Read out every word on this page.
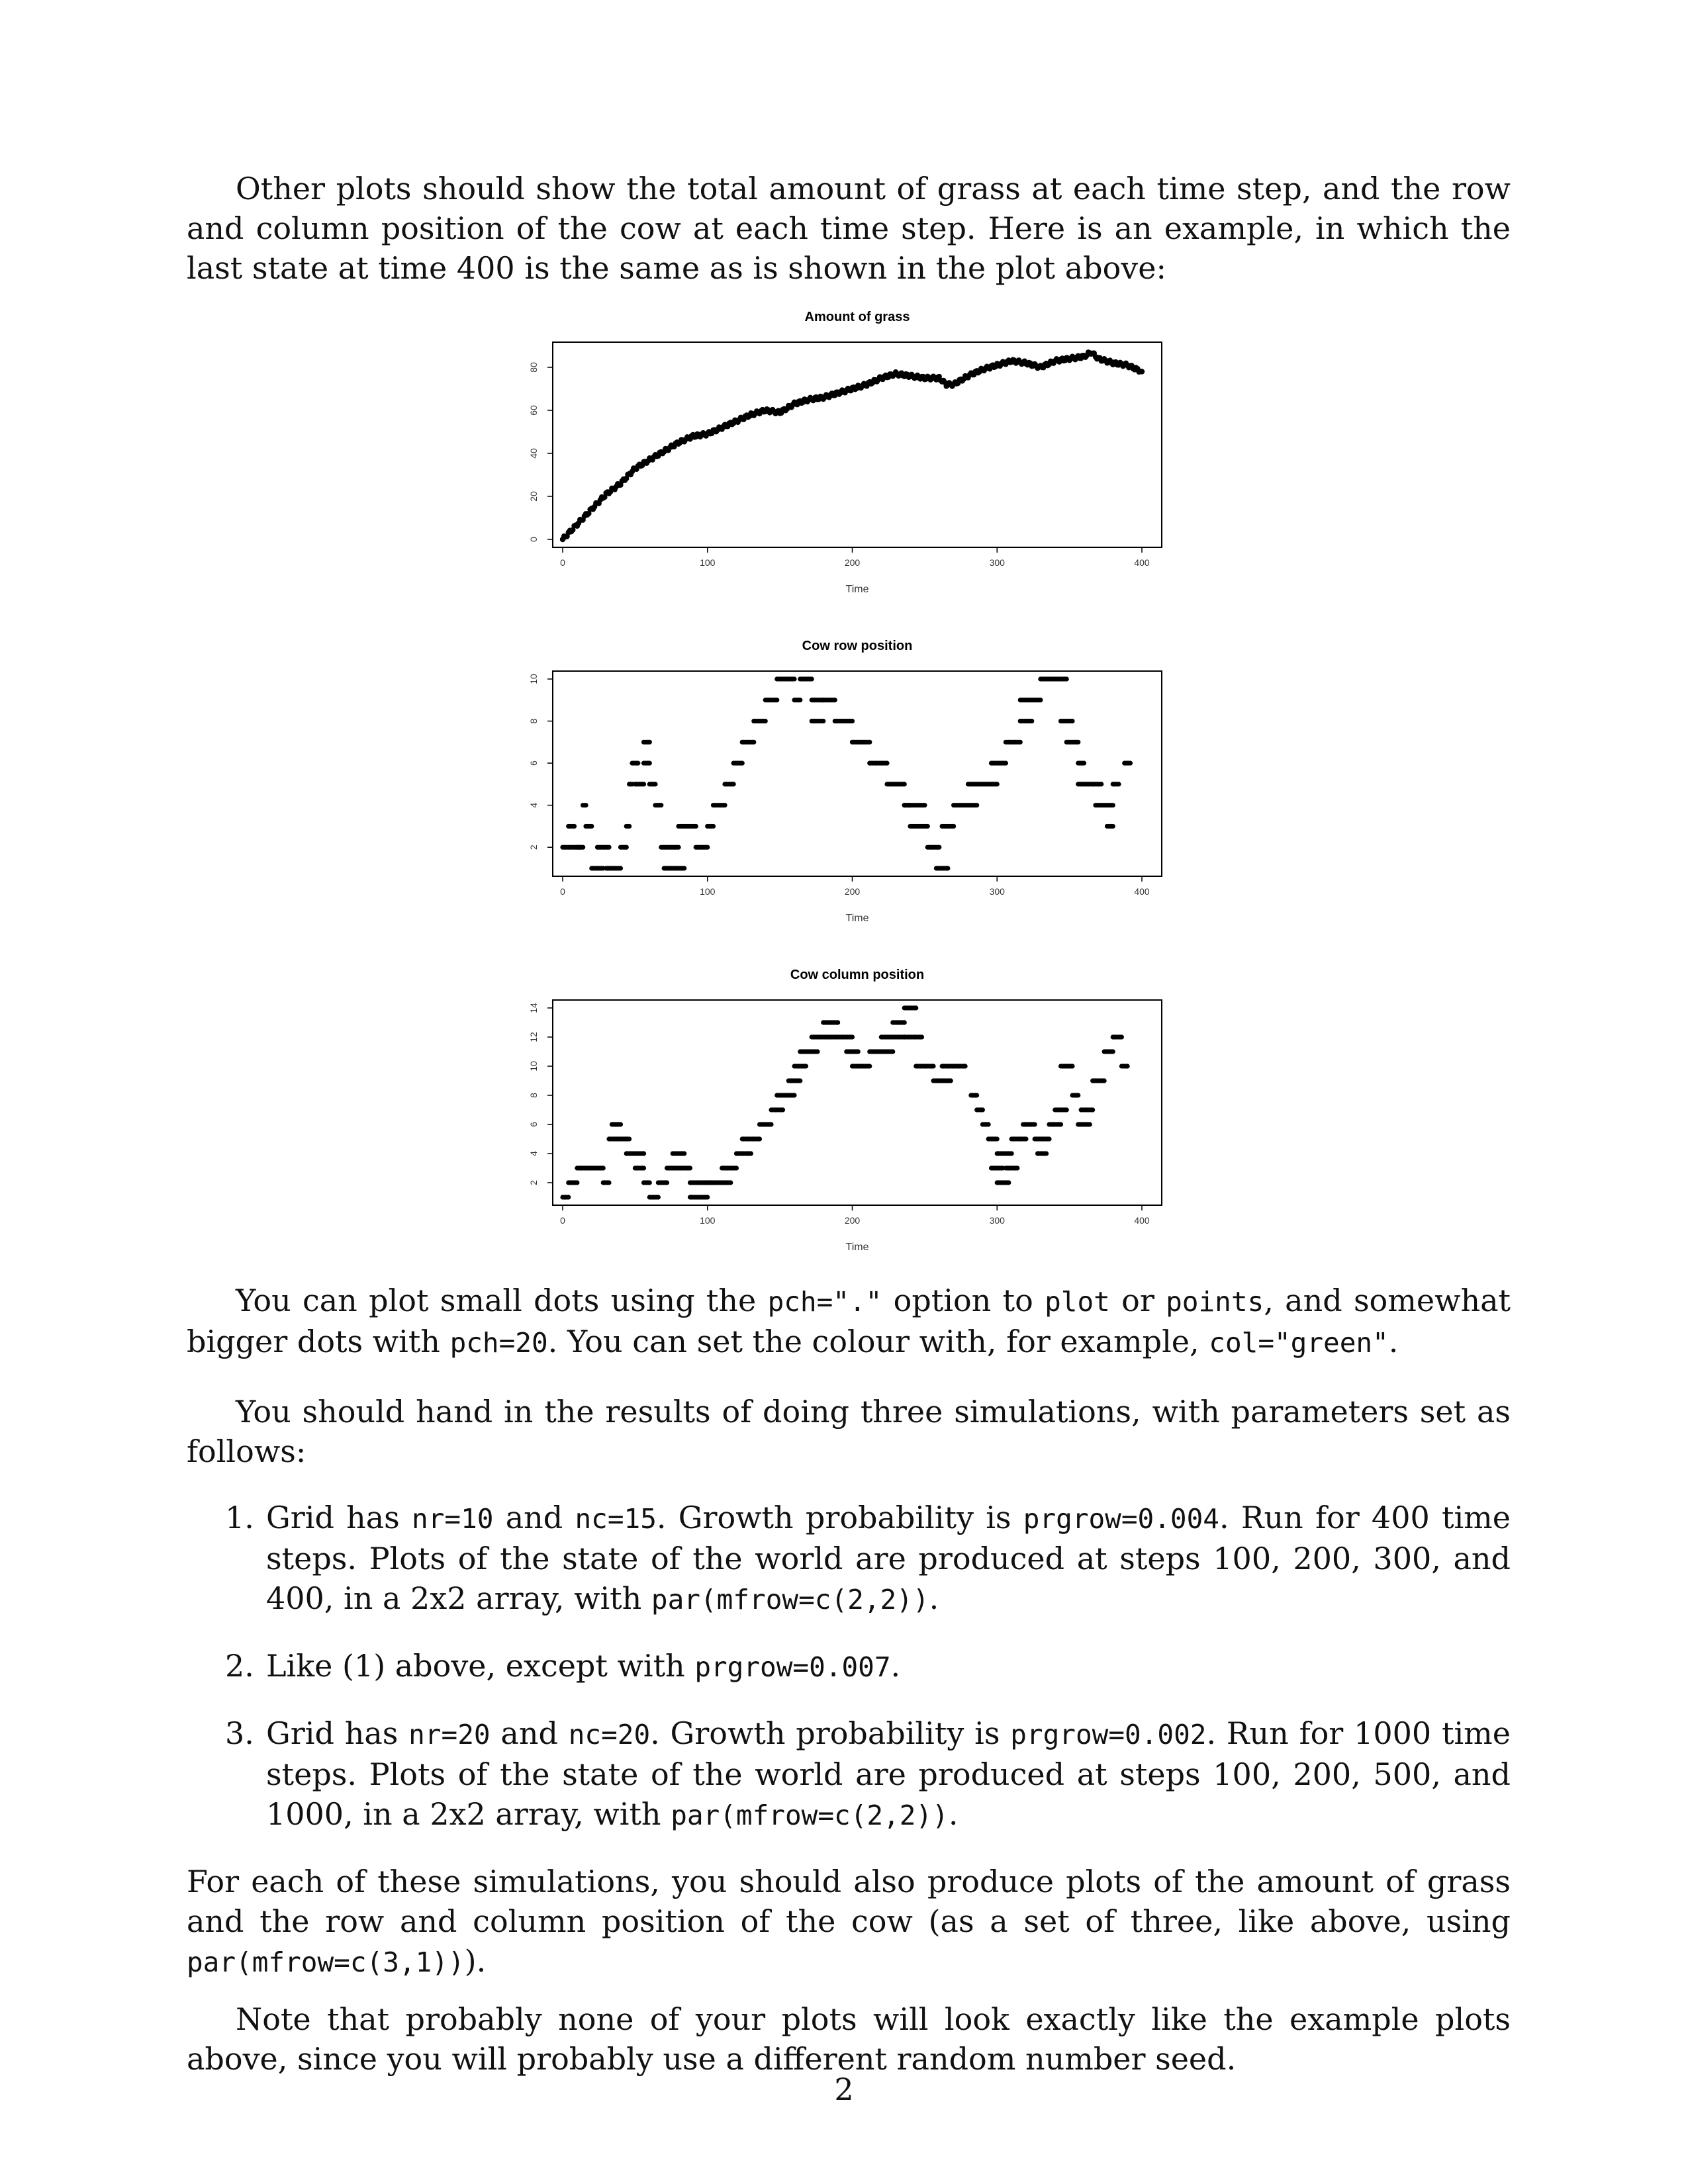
Other plots should show the total amount of grass at each time step, and the row and column position of the cow at each time step. Here is an example, in which the last state at time 400 is the same as is shown in the plot above:

Amount of grass
0	100	200	300	400
Time
0
20
40
60
80
Cow row position
0	100	200	300	400
Time
2
4
6
8
10
Cow column position
0	100	200	300	400
Time
2
4
6
8
10
12
14

You can plot small dots using the pch="." option to plot or points, and somewhat bigger dots with pch=20. You can set the colour with, for example, col="green".

You should hand in the results of doing three simulations, with parameters set as follows:

1. Grid has nr=10 and nc=15. Growth probability is prgrow=0.004. Run for 400 time steps. Plots of the state of the world are produced at steps 100, 200, 300, and 400, in a 2x2 array, with par(mfrow=c(2,2)).
2. Like (1) above, except with prgrow=0.007.
3. Grid has nr=20 and nc=20. Growth probability is prgrow=0.002. Run for 1000 time steps. Plots of the state of the world are produced at steps 100, 200, 500, and 1000, in a 2x2 array, with par(mfrow=c(2,2)).

For each of these simulations, you should also produce plots of the amount of grass and the row and column position of the cow (as a set of three, like above, using par(mfrow=c(3,1))).

Note that probably none of your plots will look exactly like the example plots above, since you will probably use a different random number seed.

2
